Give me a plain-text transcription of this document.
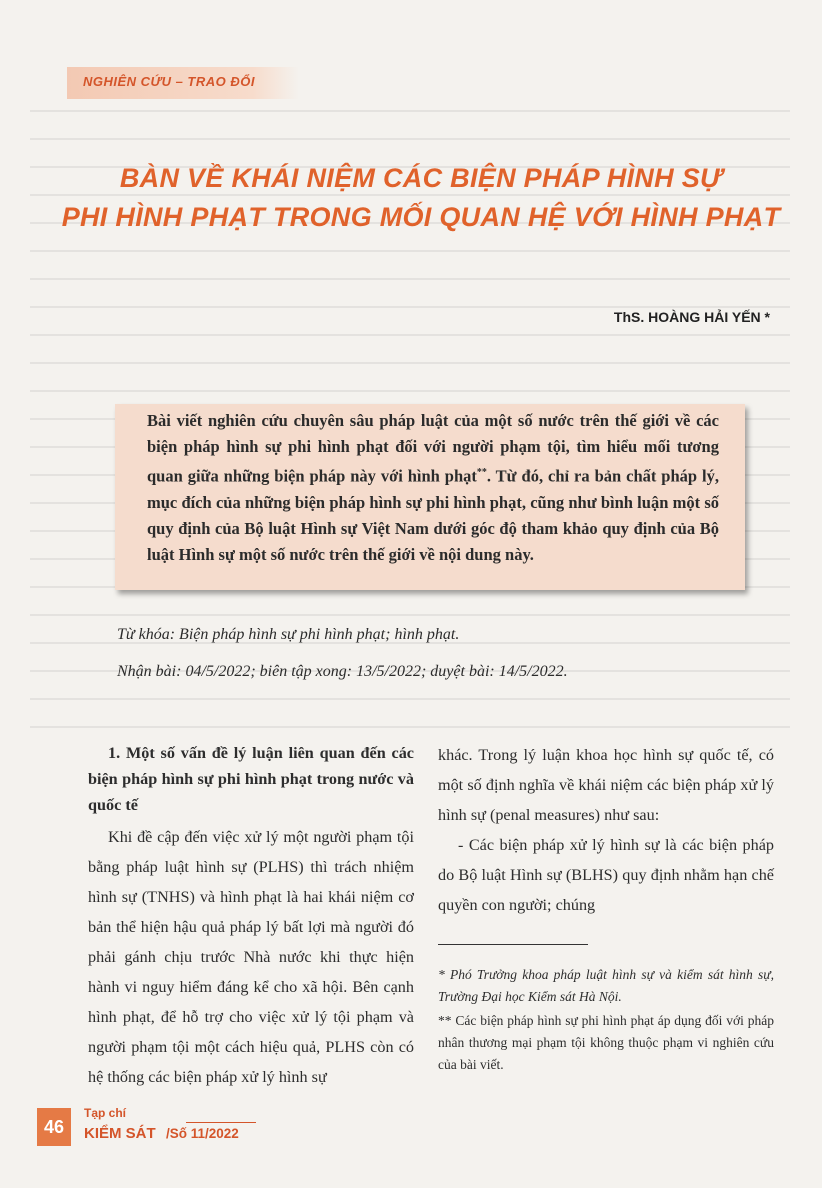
NGHIÊN CỨU – TRAO ĐỔI
BÀN VỀ KHÁI NIỆM CÁC BIỆN PHÁP HÌNH SỰ
PHI HÌNH PHẠT TRONG MỐI QUAN HỆ VỚI HÌNH PHẠT
ThS. HOÀNG HẢI YẾN *

Bài viết nghiên cứu chuyên sâu pháp luật của một số nước trên thế giới về các biện pháp hình sự phi hình phạt đối với người phạm tội, tìm hiểu mối tương quan giữa những biện pháp này với hình phạt**. Từ đó, chỉ ra bản chất pháp lý, mục đích của những biện pháp hình sự phi hình phạt, cũng như bình luận một số quy định của Bộ luật Hình sự Việt Nam dưới góc độ tham khảo quy định của Bộ luật Hình sự một số nước trên thế giới về nội dung này.

Từ khóa: Biện pháp hình sự phi hình phạt; hình phạt.
Nhận bài: 04/5/2022; biên tập xong: 13/5/2022; duyệt bài: 14/5/2022.

1. Một số vấn đề lý luận liên quan đến các biện pháp hình sự phi hình phạt trong nước và quốc tế

Khi đề cập đến việc xử lý một người phạm tội bằng pháp luật hình sự (PLHS) thì trách nhiệm hình sự (TNHS) và hình phạt là hai khái niệm cơ bản thể hiện hậu quả pháp lý bất lợi mà người đó phải gánh chịu trước Nhà nước khi thực hiện hành vi nguy hiểm đáng kể cho xã hội. Bên cạnh hình phạt, để hỗ trợ cho việc xử lý tội phạm và người phạm tội một cách hiệu quả, PLHS còn có hệ thống các biện pháp xử lý hình sự

khác. Trong lý luận khoa học hình sự quốc tế, có một số định nghĩa về khái niệm các biện pháp xử lý hình sự (penal measures) như sau:

- Các biện pháp xử lý hình sự là các biện pháp do Bộ luật Hình sự (BLHS) quy định nhằm hạn chế quyền con người; chúng

* Phó Trưởng khoa pháp luật hình sự và kiểm sát hình sự, Trường Đại học Kiểm sát Hà Nội.
** Các biện pháp hình sự phi hình phạt áp dụng đối với pháp nhân thương mại phạm tội không thuộc phạm vi nghiên cứu của bài viết.
46
Tạp chí
KIỂM SÁT /Số 11/2022
